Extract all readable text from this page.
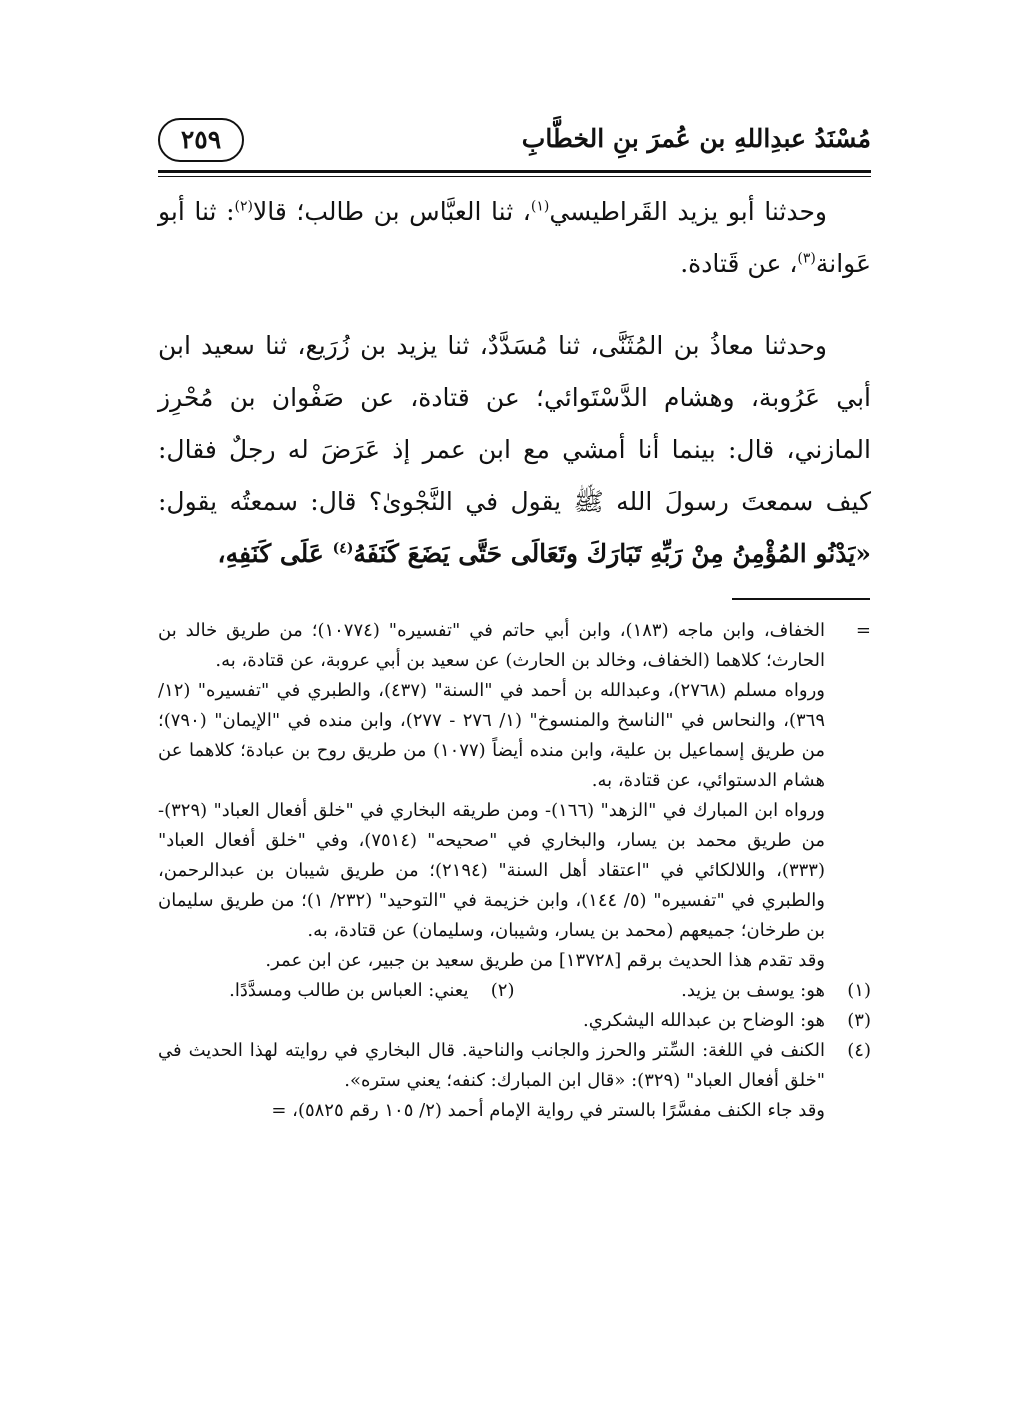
مُسْنَدُ عبدِاللهِ بن عُمرَ بنِ الخطَّابِ
٢٥٩

وحدثنا أبو يزيد القَراطيسي$^{(١)}$، ثنا العبَّاس بن طالب؛ قالا$^{(٢)}$: ثنا أبو عَوانة$^{(٣)}$، عن قَتادة.

وحدثنا معاذُ بن المُثَنَّى، ثنا مُسَدَّدٌ، ثنا يزيد بن زُرَيع، ثنا سعيد ابن أبي عَرُوبة، وهشام الدَّسْتَوائي؛ عن قتادة، عن صَفْوان بن مُحْرِز المازني، قال: بينما أنا أمشي مع ابن عمر إذ عَرَضَ له رجلٌ فقال: كيف سمعتَ رسولَ الله ﷺ يقول في النَّجْوىٰ؟ قال: سمعتُه يقول: «يَدْنُو المُؤْمِنُ مِنْ رَبِّهِ تَبَارَكَ وتَعَالَى حَتَّى يَضَعَ كَنَفَهُ$^{(٤)}$ عَلَى كَنَفِهِ،

=

الخفاف، وابن ماجه (١٨٣)، وابن أبي حاتم في "تفسيره" (١٠٧٧٤)؛ من طريق خالد بن الحارث؛ كلاهما (الخفاف، وخالد بن الحارث) عن سعيد بن أبي عروبة، عن قتادة، به.

ورواه مسلم (٢٧٦٨)، وعبدالله بن أحمد في "السنة" (٤٣٧)، والطبري في "تفسيره" (١٢/ ٣٦٩)، والنحاس في "الناسخ والمنسوخ" (١/ ٢٧٦ - ٢٧٧)، وابن منده في "الإيمان" (٧٩٠)؛ من طريق إسماعيل بن علية، وابن منده أيضاً (١٠٧٧) من طريق روح بن عبادة؛ كلاهما عن هشام الدستوائي، عن قتادة، به.

ورواه ابن المبارك في "الزهد" (١٦٦)- ومن طريقه البخاري في "خلق أفعال العباد" (٣٢٩)- من طريق محمد بن يسار، والبخاري في "صحيحه" (٧٥١٤)، وفي "خلق أفعال العباد" (٣٣٣)، واللالكائي في "اعتقاد أهل السنة" (٢١٩٤)؛ من طريق شيبان بن عبدالرحمن، والطبري في "تفسيره" (٥/ ١٤٤)، وابن خزيمة في "التوحيد" (٢٣٢/ ١)؛ من طريق سليمان بن طرخان؛ جميعهم (محمد بن يسار، وشيبان، وسليمان) عن قتادة، به.

وقد تقدم هذا الحديث برقم [١٣٧٢٨] من طريق سعيد بن جبير، عن ابن عمر.

(١)
هو: يوسف بن يزيد.
(٢)
يعني: العباس بن طالب ومسدَّدًا.
(٣)
هو: الوضاح بن عبدالله اليشكري.
(٤)

الكنف في اللغة: السِّتر والحرز والجانب والناحية. قال البخاري في روايته لهذا الحديث في "خلق أفعال العباد" (٣٢٩): «قال ابن المبارك: كنفه؛ يعني ستره».

وقد جاء الكنف مفسَّرًا بالستر في رواية الإمام أحمد (٢/ ١٠٥ رقم ٥٨٢٥)، =
